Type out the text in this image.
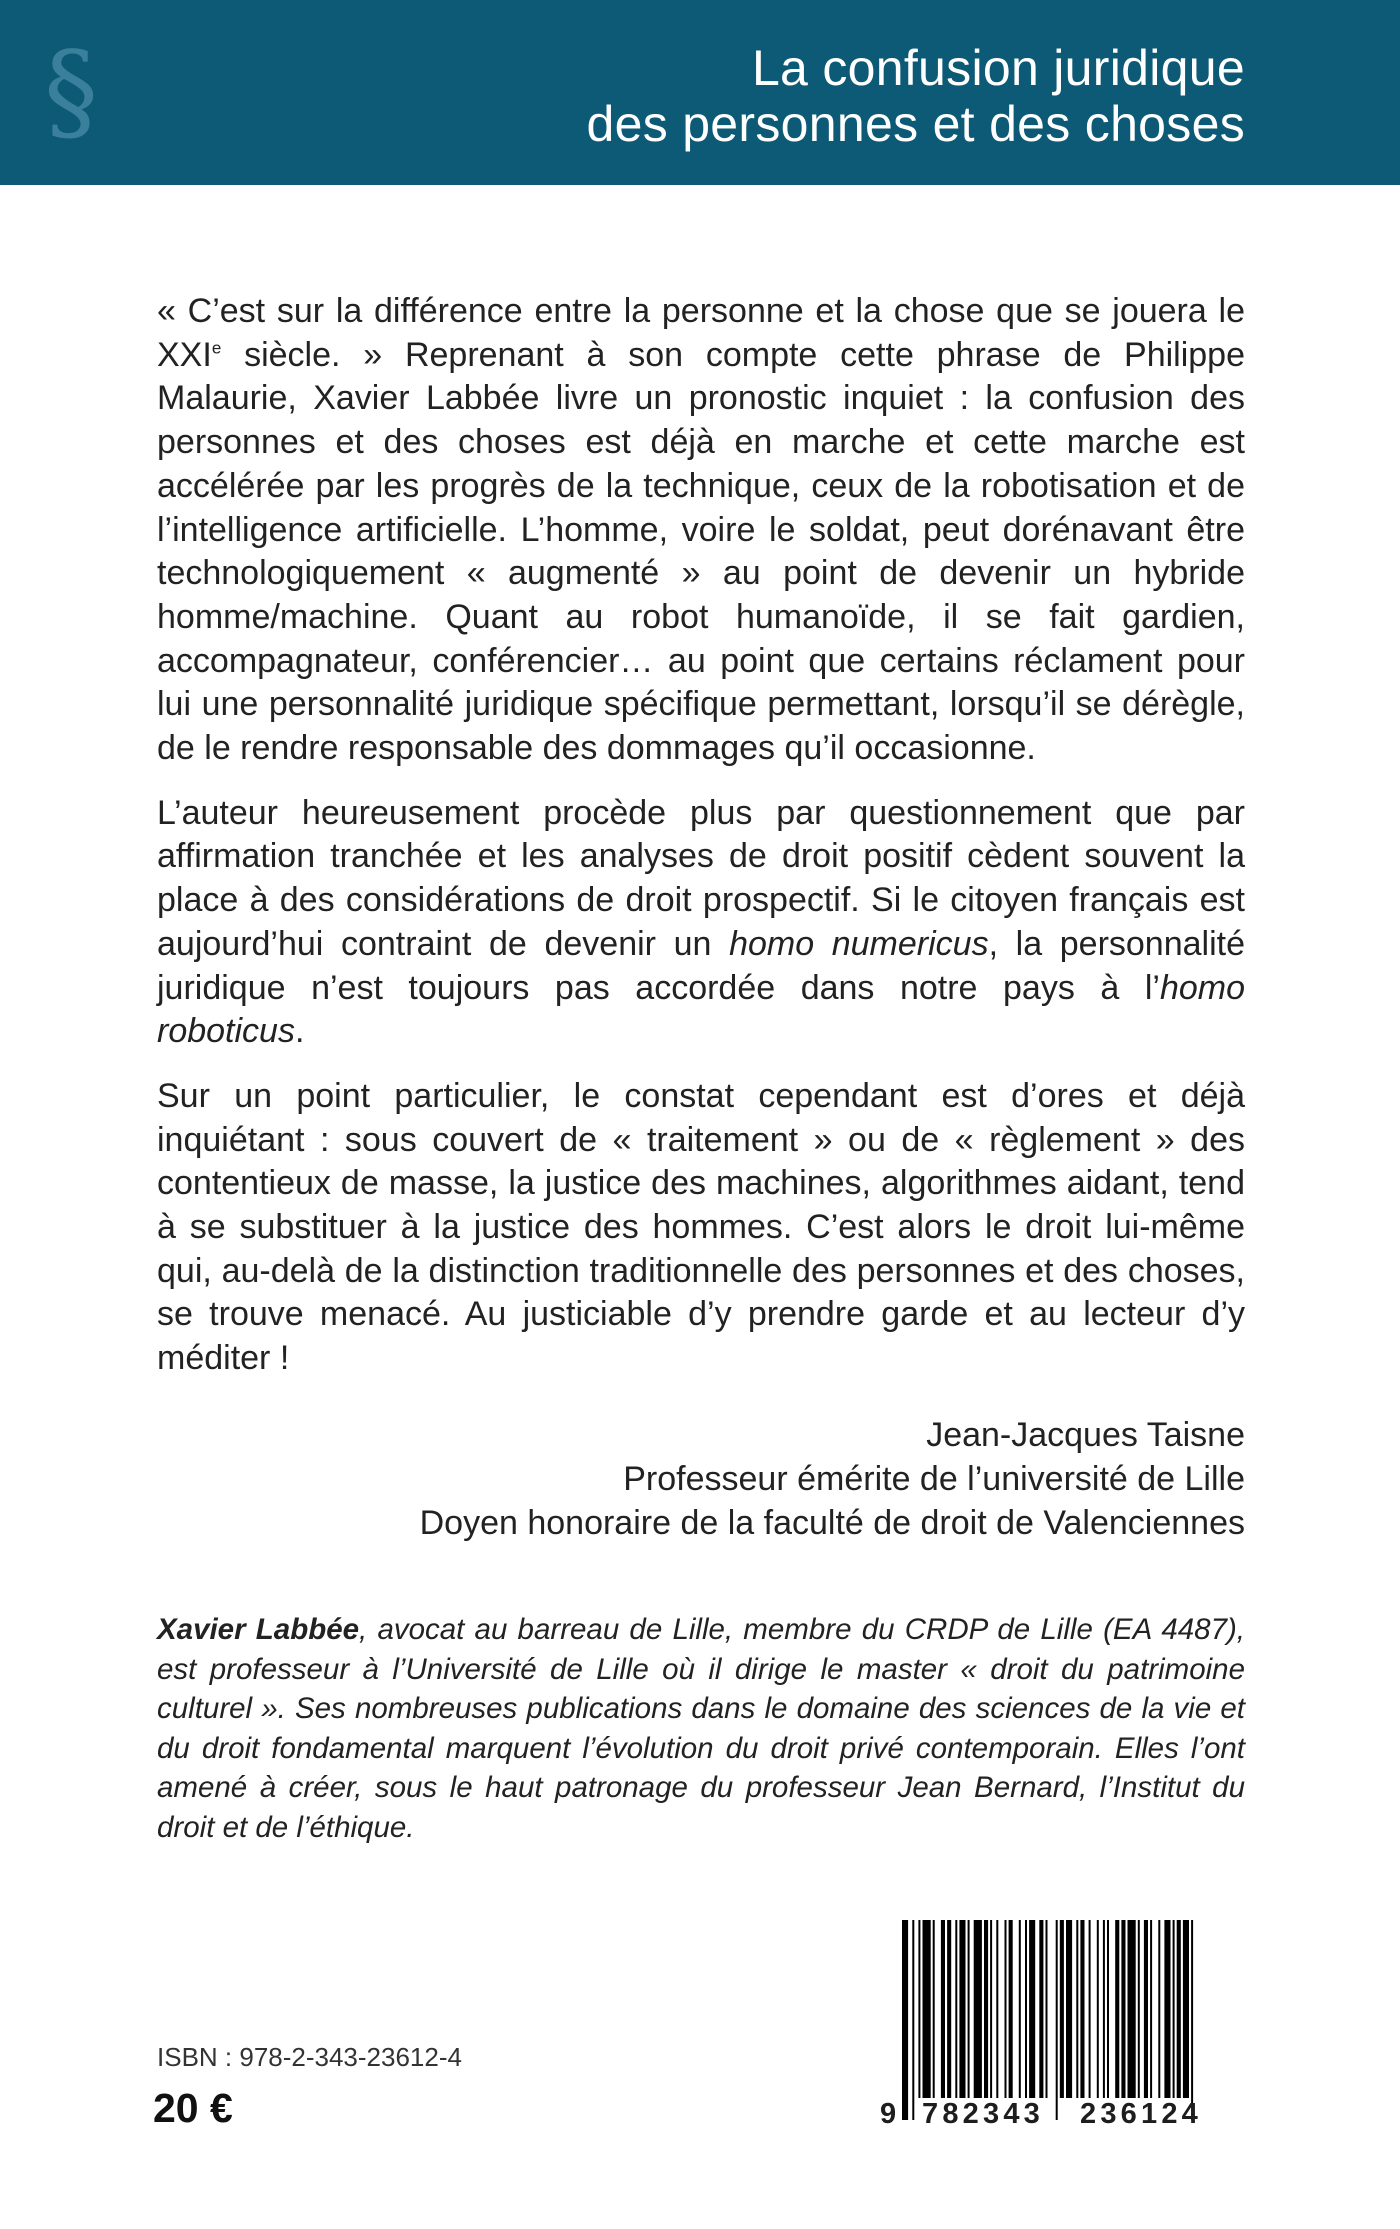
§	La confusion juridique
des personnes et des choses

« C’est sur la différence entre la personne et la chose que se jouera le XXIe siècle. » Reprenant à son compte cette phrase de Philippe Malaurie, Xavier Labbée livre un pronostic inquiet : la confusion des personnes et des choses est déjà en marche et cette marche est accélérée par les progrès de la technique, ceux de la robotisation et de l’intelligence artificielle. L’homme, voire le soldat, peut dorénavant être technologiquement « augmenté » au point de devenir un hybride homme/machine. Quant au robot humanoïde, il se fait gardien, accompagnateur, conférencier… au point que certains réclament pour lui une personnalité juridique spécifique permettant, lorsqu’il se dérègle, de le rendre responsable des dommages qu’il occasionne.

L’auteur heureusement procède plus par questionnement que par affirmation tranchée et les analyses de droit positif cèdent souvent la place à des considérations de droit prospectif. Si le citoyen français est aujourd’hui contraint de devenir un homo numericus, la personnalité juridique n’est toujours pas accordée dans notre pays à l’homo roboticus.

Sur un point particulier, le constat cependant est d’ores et déjà inquiétant : sous couvert de « traitement » ou de « règlement » des contentieux de masse, la justice des machines, algorithmes aidant, tend à se substituer à la justice des hommes. C’est alors le droit lui-même qui, au-delà de la distinction traditionnelle des personnes et des choses, se trouve menacé. Au justiciable d’y prendre garde et au lecteur d’y méditer !

Jean-Jacques Taisne
Professeur émérite de l’université de Lille
Doyen honoraire de la faculté de droit de Valenciennes
Xavier Labbée, avocat au barreau de Lille, membre du CRDP de Lille (EA 4487), est professeur à l’Université de Lille où il dirige le master « droit du patrimoine culturel ». Ses nombreuses publications dans le domaine des sciences de la vie et du droit fondamental marquent l’évolution du droit privé contemporain. Elles l’ont amené à créer, sous le haut patronage du professeur Jean Bernard, l’Institut du droit et de l’éthique.
ISBN : 978-2-343-23612-4
20 €	9 782343 236124
